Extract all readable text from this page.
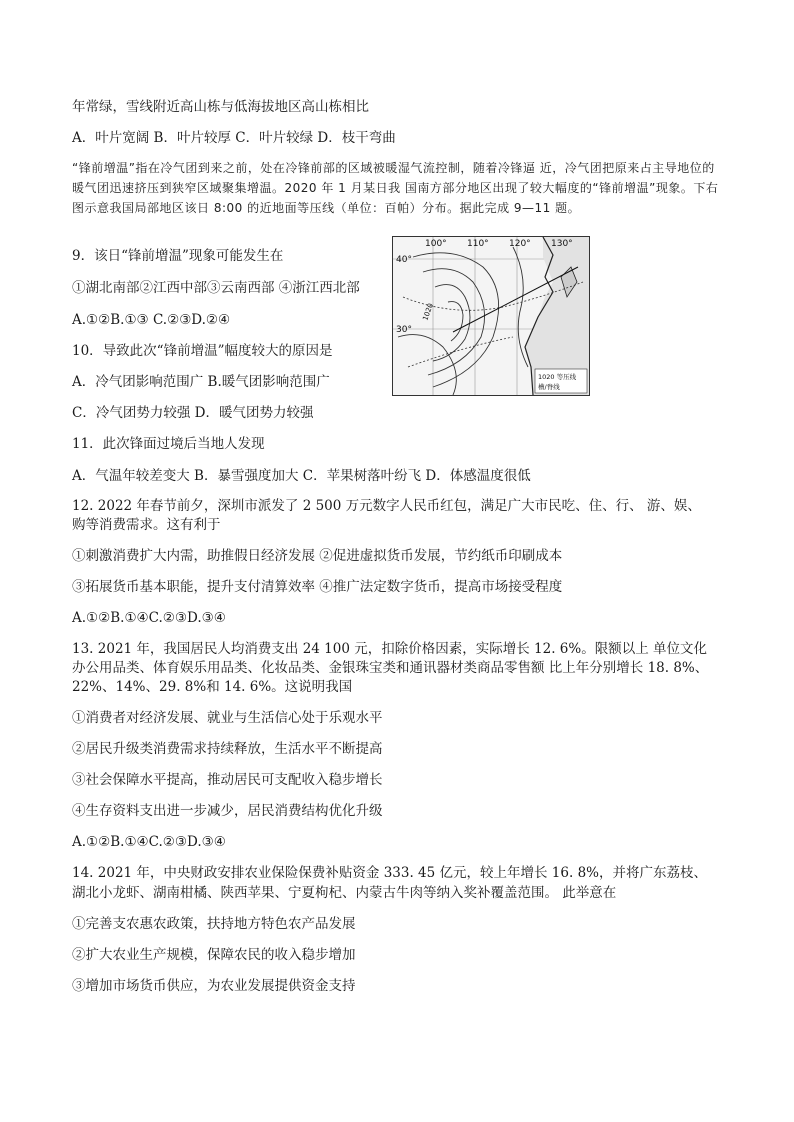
年常绿，雪线附近高山栋与低海拔地区高山栋相比
A．叶片宽阔 B．叶片较厚 C．叶片较绿 D．枝干弯曲
“锋前增温”指在冷气团到来之前，处在冷锋前部的区域被暖湿气流控制，随着冷锋逼 近，冷气团把原来占主导地位的暖气团迅速挤压到狭窄区域聚集增温。2020 年 1 月某日我 国南方部分地区出现了较大幅度的“锋前增温”现象。下右图示意我国局部地区该日 8:00 的近地面等压线（单位：百帕）分布。据此完成 9—11 题。
9．该日“锋前增温”现象可能发生在
①湖北南部②江西中部③云南西部 ④浙江西北部
A.①②B.①③ C.②③D.②④
10．导致此次“锋前增温”幅度较大的原因是
A．冷气团影响范围广 B.暖气团影响范围广
C．冷气团势力较强 D．暖气团势力较强
11．此次锋面过境后当地人发现
A．气温年较差变大 B．暴雪强度加大 C．苹果树落叶纷飞 D．体感温度很低
12. 2022 年春节前夕，深圳市派发了 2 500 万元数字人民币红包，满足广大市民吃、住、行、 游、娱、
购等消费需求。这有利于
①刺激消费扩大内需，助推假日经济发展 ②促进虚拟货币发展，节约纸币印刷成本
③拓展货币基本职能，提升支付清算效率 ④推广法定数字货币，提高市场接受程度
A.①②B.①④C.②③D.③④
13. 2021 年，我国居民人均消费支出 24 100 元，扣除价格因素，实际增长 12. 6%。限额以上 单位文化
办公用品类、体育娱乐用品类、化妆品类、金银珠宝类和通讯器材类商品零售额 比上年分别增长 18. 8%、
22%、14%、29. 8%和 14. 6%。这说明我国
①消费者对经济发展、就业与生活信心处于乐观水平
②居民升级类消费需求持续释放，生活水平不断提高
③社会保障水平提高，推动居民可支配收入稳步增长
④生存资料支出进一步减少，居民消费结构优化升级
A.①②B.①④C.②③D.③④
14. 2021 年，中央财政安排农业保险保费补贴资金 333. 45 亿元，较上年增长 16. 8%，并将广东荔枝、
湖北小龙虾、湖南柑橘、陕西苹果、宁夏枸杞、内蒙古牛肉等纳入奖补覆盖范围。 此举意在
①完善支农惠农政策，扶持地方特色农产品发展
②扩大农业生产规模，保障农民的收入稳步增加
③增加市场货币供应，为农业发展提供资金支持
100° 110° 120° 130°
40°
30°
1020
1020 等压线
槽/脊线
